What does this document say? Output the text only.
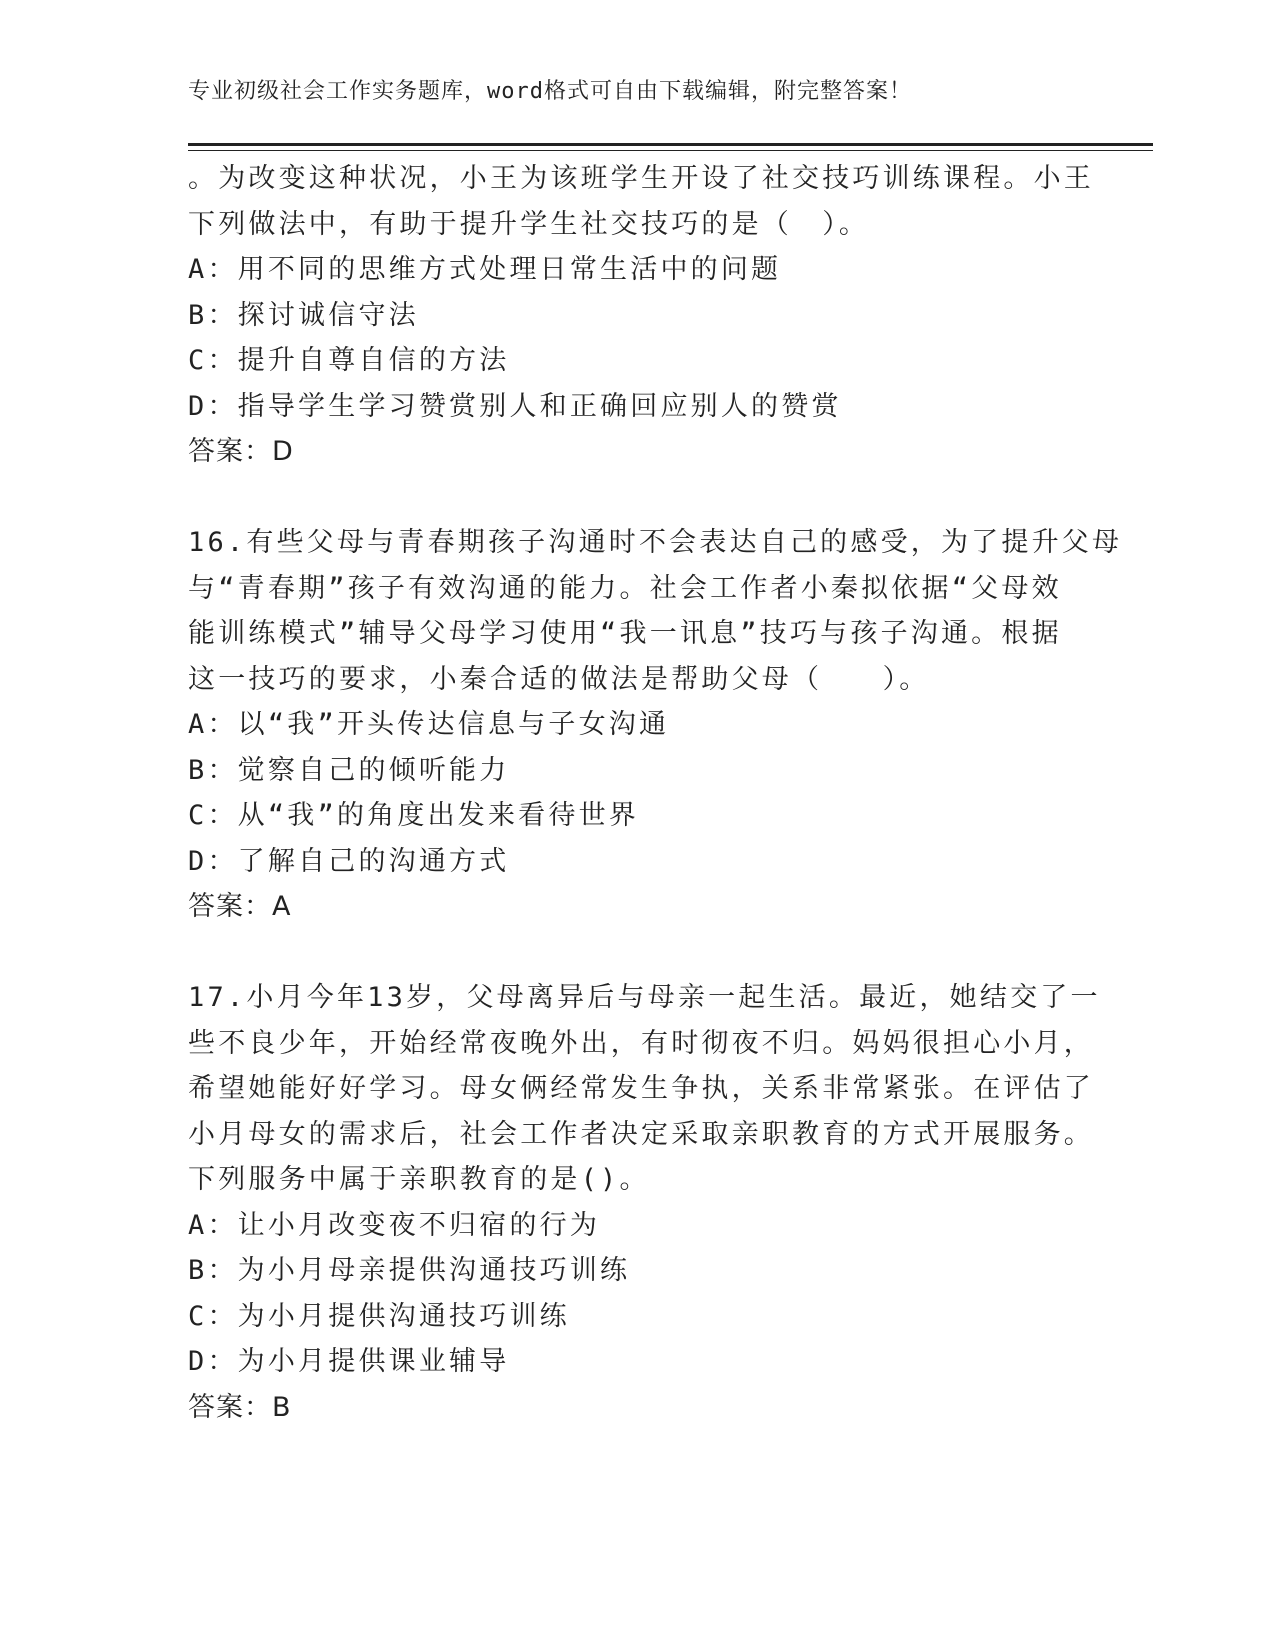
专业初级社会工作实务题库，word格式可自由下载编辑，附完整答案！
。为改变这种状况，小王为该班学生开设了社交技巧训练课程。小王
下列做法中，有助于提升学生社交技巧的是（　）。
A：用不同的思维方式处理日常生活中的问题
B：探讨诚信守法
C：提升自尊自信的方法
D：指导学生学习赞赏别人和正确回应别人的赞赏
答案：D
16.有些父母与青春期孩子沟通时不会表达自己的感受，为了提升父母
与“青春期”孩子有效沟通的能力。社会工作者小秦拟依据“父母效
能训练模式”辅导父母学习使用“我一讯息”技巧与孩子沟通。根据
这一技巧的要求，小秦合适的做法是帮助父母（　　）。
A：以“我”开头传达信息与子女沟通
B：觉察自己的倾听能力
C：从“我”的角度出发来看待世界
D：了解自己的沟通方式
答案：A
17.小月今年13岁，父母离异后与母亲一起生活。最近，她结交了一
些不良少年，开始经常夜晚外出，有时彻夜不归。妈妈很担心小月，
希望她能好好学习。母女俩经常发生争执，关系非常紧张。在评估了
小月母女的需求后，社会工作者决定采取亲职教育的方式开展服务。
下列服务中属于亲职教育的是()。
A：让小月改变夜不归宿的行为
B：为小月母亲提供沟通技巧训练
C：为小月提供沟通技巧训练
D：为小月提供课业辅导
答案：B
